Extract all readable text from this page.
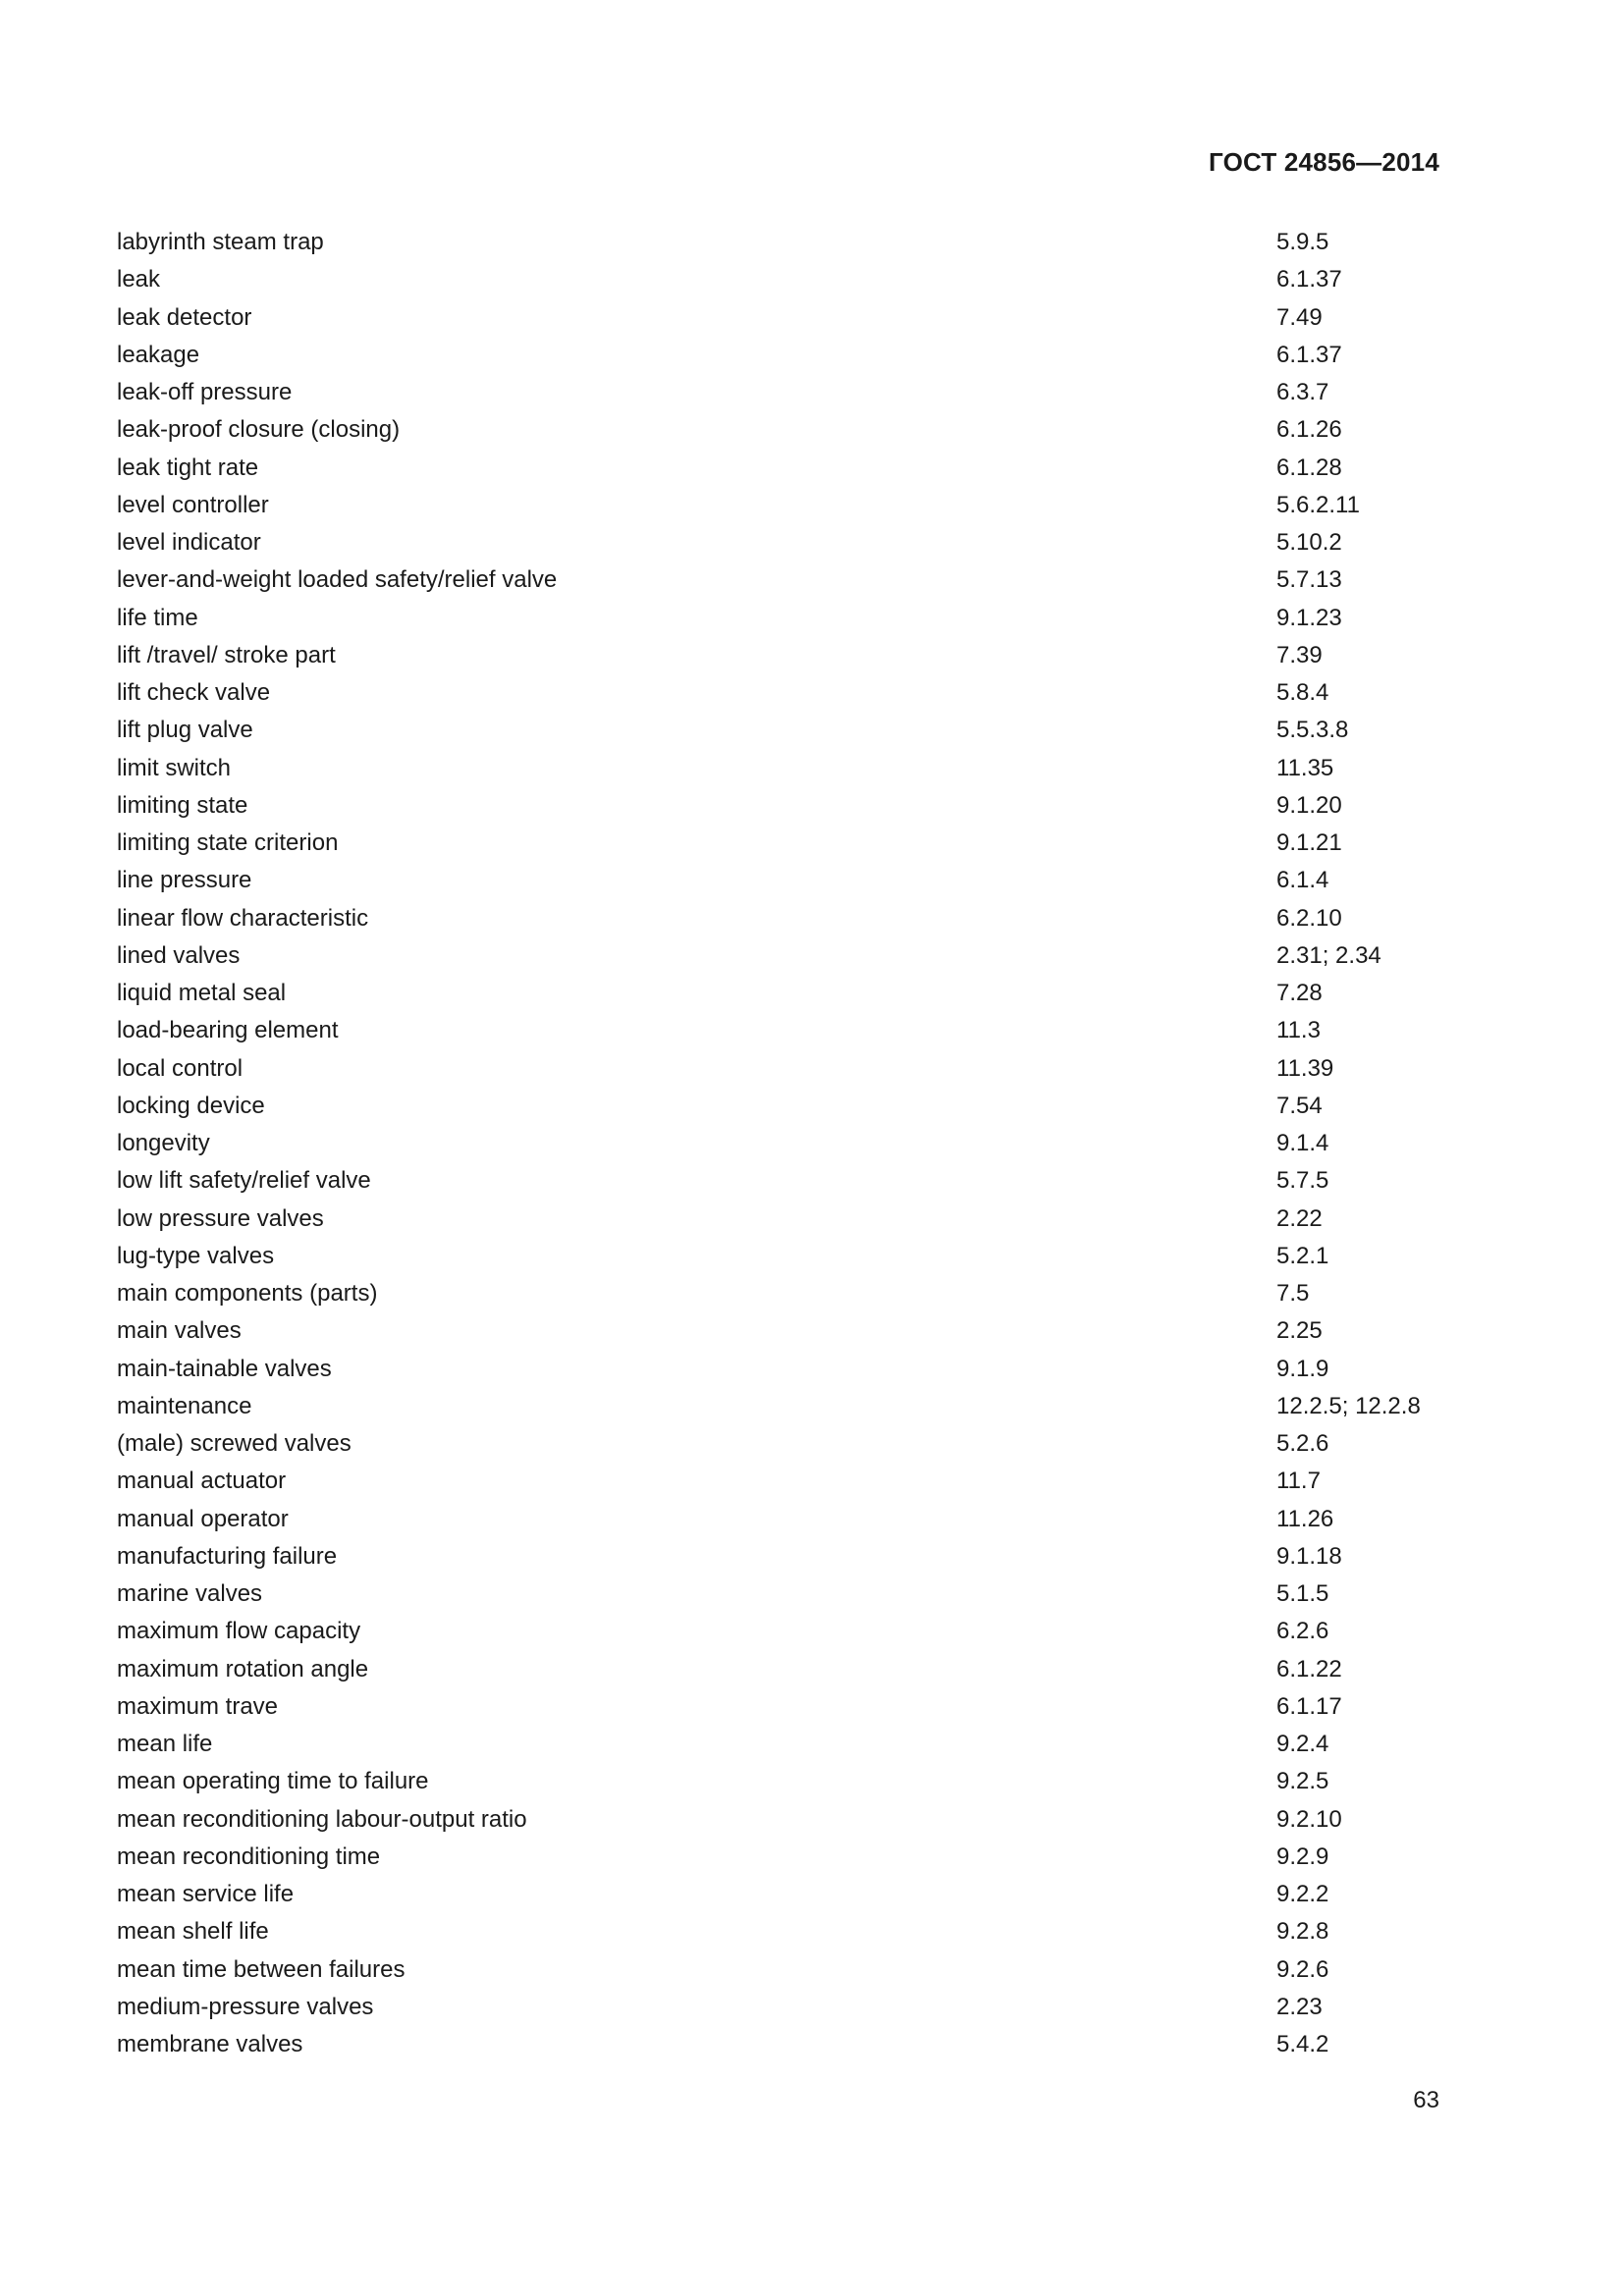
ГОСТ 24856—2014
labyrinth steam trap	5.9.5
leak	6.1.37
leak detector	7.49
leakage	6.1.37
leak-off pressure	6.3.7
leak-proof closure (closing)	6.1.26
leak tight rate	6.1.28
level controller	5.6.2.11
level indicator	5.10.2
lever-and-weight loaded safety/relief valve	5.7.13
life time	9.1.23
lift /travel/ stroke part	7.39
lift check valve	5.8.4
lift plug valve	5.5.3.8
limit switch	11.35
limiting state	9.1.20
limiting state criterion	9.1.21
line pressure	6.1.4
linear flow characteristic	6.2.10
lined valves	2.31; 2.34
liquid metal seal	7.28
load-bearing element	11.3
local control	11.39
locking device	7.54
longevity	9.1.4
low lift safety/relief valve	5.7.5
low pressure valves	2.22
lug-type valves	5.2.1
main components (parts)	7.5
main valves	2.25
main-tainable valves	9.1.9
maintenance	12.2.5; 12.2.8
(male) screwed valves	5.2.6
manual actuator	11.7
manual operator	11.26
manufacturing failure	9.1.18
marine valves	5.1.5
maximum flow capacity	6.2.6
maximum rotation angle	6.1.22
maximum trave	6.1.17
mean life	9.2.4
mean operating time to failure	9.2.5
mean reconditioning labour-output ratio	9.2.10
mean reconditioning time	9.2.9
mean service life	9.2.2
mean shelf life	9.2.8
mean time between failures	9.2.6
medium-pressure valves	2.23
membrane valves	5.4.2
63
